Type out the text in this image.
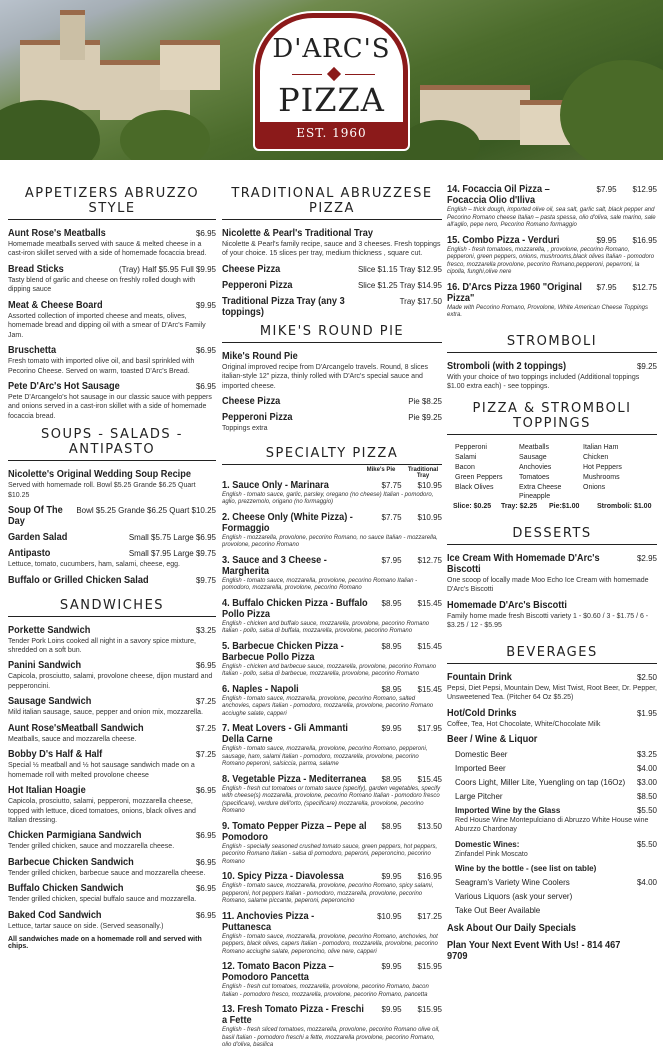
D'ARC'S
PIZZA
EST. 1960
APPETIZERS ABRUZZO STYLE
Aunt Rose's Meatballs	$6.95
Homemade meatballs served with sauce & melted cheese in a cast-iron skillet served with a side of homemade focaccia bread.
Bread Sticks	(Tray) Half $5.95 Full $9.95
Tasty blend of garlic and cheese on freshly rolled dough with dipping sauce
Meat & Cheese Board	$9.95
Assorted collection of imported cheese and meats, olives, homemade bread and dipping oil with a smear of D'Arc's Family Jam.
Bruschetta	$6.95
Fresh tomato with imported olive oil, and basil sprinkled with Pecorino Cheese. Served on warm, toasted D'Arc's Bread.
Pete D'Arc's Hot Sausage	$6.95
Pete D'Arcangelo's hot sausage in our classic sauce with peppers and onions served in a cast-iron skillet with a side of homemade focaccia bread.
SOUPS - SALADS - ANTIPASTO
Nicolette's Original Wedding Soup Recipe
Served with homemade roll. Bowl $5.25 Grande $6.25 Quart $10.25
Soup Of The Day
Bowl $5.25 Grande $6.25 Quart $10.25
Garden Salad	Small $5.75 Large $6.95
Antipasto	Small $7.95 Large $9.75
Lettuce, tomato, cucumbers, ham, salami, cheese, egg.
Buffalo or Grilled Chicken Salad	$9.75
SANDWICHES
Porkette Sandwich	$3.25
Tender Pork Loins cooked all night in a savory spice mixture, shredded on a soft bun.
Panini Sandwich	$6.95
Capicola, prosciutto, salami, provolone cheese, dijon mustard and pepperoncini.
Sausage Sandwich	$7.25
Mild italian sausage, sauce, pepper and onion mix, mozzarella.
Aunt Rose'sMeatball Sandwich	$7.25
Meatballs, sauce and mozzarella cheese.
Bobby D's Half & Half	$7.25
Special ½ meatball and ½ hot sausage sandwich made on a homemade roll with melted provolone cheese
Hot Italian Hoagie	$6.95
Capicola, prosciutto, salami, pepperoni, mozzarella cheese, topped with lettuce, diced tomatoes, onions, black olives and Italian dressing.
Chicken Parmigiana Sandwich	$6.95
Tender grilled chicken, sauce and mozzarella cheese.
Barbecue Chicken Sandwich	$6.95
Tender grilled chicken, barbecue sauce and mozzarella cheese.
Buffalo Chicken Sandwich	$6.95
Tender grilled chicken, special buffalo sauce and mozzarella.
Baked Cod Sandwich	$6.95
Lettuce, tartar sauce on side. (Served seasonally.)
All sandwiches made on a homemade roll and served with chips.
TRADITIONAL ABRUZZESE PIZZA
Nicolette & Pearl's Traditional Tray
Nicolette & Pearl's family recipe, sauce and 3 cheeses. Fresh toppings of your choice. 15 slices per tray, medium thickness , square cut.
Cheese Pizza	Slice $1.15 Tray $12.95
Pepperoni Pizza	Slice $1.25 Tray $14.95
Traditional Pizza Tray (any 3 toppings)
Tray $17.50
MIKE'S ROUND PIE
Mike's Round Pie
Original improved recipe from D'Arcangelo travels. Round, 8 slices italian-style 12" pizza, thinly rolled with D'Arc's special sauce and imported cheese.
Cheese Pizza	Pie $8.25
Pepperoni Pizza	Pie $9.25
Toppings extra
SPECIALTY PIZZA
Mike's Pie	Traditional Tray
1. Sauce Only - Marinara	$7.75 $10.95
English - tomato sauce, garlic, parsley, oregano (no cheese) Italian - pomodoro, aglio, prezzemolo, origano (no formaggio)
2. Cheese Only (White Pizza) - Formaggio
$7.75 $10.95
English - mozzarella, provolone, pecorino Romano, no sauce Italian - mozzarella, provolone, pecorino Romano
3. Sauce and 3 Cheese - Margherita
$7.95 $12.75
English - tomato sauce, mozzarella, provolone, pecorino Romano Italian - pomodoro, mozzarella, provolone, pecorino Romano
4. Buffalo Chicken Pizza - Buffalo Pollo Pizza
$8.95 $15.45
English - chicken and buffalo sauce, mozzarella, provolone, pecorino Romano Italian - pollo, salsa di buffala, mozzarella, provolone, pecorino Romano
5. Barbecue Chicken Pizza - Barbecue Pollo Pizza
$8.95 $15.45
English - chicken and barbecue sauce, mozzarella, provolone, pecorino Romano Italian - pollo, salsa di barbecue, mozzarella, provolone, pecorino Romano
6. Naples - Napoli	$8.95 $15.45
English - tomato sauce, mozzarella, provolone, pecorino Romano, salted anchovies, capers Italian - pomodoro, mozzarella, provolone, pecorino Romano acciughe salate, capperi
7. Meat Lovers - Gli Ammanti Della Carne
$9.95 $17.95
English - tomato sauce, mozzarella, provolone, pecorino Romano, pepperoni, sausage, ham, salami Italian - pomodoro, mozzarella, provolone, pecorino Romano peperoni, salsiccia, parma, salame
8. Vegetable Pizza - Mediterranea $8.95 $15.45
English - fresh cut tomatoes or tomato sauce (specify), garden vegetables, specify with cheese(s) mozzarella, provolone, pecorino Romano Italian - pomodoro fresco (specificare), verdure dell'orto, (specificare) mozzarella, provolone, pecorino Romano
9. Tomato Pepper Pizza – Pepe al Pomodoro
$8.95 $13.50
English - specially seasoned crushed tomato sauce, green peppers, hot peppers, pecorino Romano Italian - salsa di pomodoro, peperoni, peperoncino, pecorino Romano
10. Spicy Pizza - Diavolessa	$9.95 $16.95
English - tomato sauce, mozzarella, provolone, pecorino Romano, spicy salami, pepperoni, hot peppers Italian - pomodoro, mozzarella, provolone, pecorino Romano, salame piccante, peperoni, peperoncino
11. Anchovies Pizza - Puttanesca
$10.95 $17.25
English - tomato sauce, mozzarella, provolone, pecorino Romano, anchovies, hot peppers, black olives, capers Italian - pomodoro, mozzarella, provolone, pecorino Romano acciughe salate, peperoncino, olive nere, capperi
12. Tomato Bacon Pizza – Pomodoro Pancetta
$9.95 $15.95
English - fresh cut tomatoes, mozzarella, provolone, pecorino Romano, bacon Italian - pomodoro fresco, mozzarella, provolone, pecorino Romano, pancetta
13. Fresh Tomato Pizza - Freschi a Fette
$9.95 $15.95
English - fresh sliced tomatoes, mozzarella, provolone, pecorino Romano olive oil, basil Italian - pomodoro freschi a fette, mozzarella provolone, pecorino Romano, olio d'oliva, basilica
14. Focaccia Oil Pizza – Focaccia Olio d'Iliva
$7.95 $12.95
English – thick dough, imported olive oil, sea salt, garlic salt, black pepper and Pecorino Romano cheese Italian – pasta spessa, olio d'oliva, sale marino, sale all'aglio, pepe nero, Pecorino Romano formaggio
15. Combo Pizza - Verduri	$9.95 $16.95
English - fresh tomatoes, mozzarella, , provolone, pecorino Romano, pepperoni, green peppers, onions, mushrooms,black olives Italian - pomodoro fresco, mozzarella provolone, pecorino Romano,pepperoni, peperroni, la cipolla, funghi,olive nere
16. D'Arcs Pizza 1960 "Original Pizza"
$7.95 $12.75
Made with Pecorino Romano, Provolone, White American Cheese Toppings extra.
STROMBOLI
Stromboli (with 2 toppings)	$9.25
With your choice of two toppings included (Additional toppings $1.00 extra each) - see toppings.
PIZZA & STROMBOLI TOPPINGS
Pepperoni	Meatballs	Italian Ham
Salami	Sausage	Chicken
Bacon	Anchovies	Hot Peppers
Green Peppers	Tomatoes	Mushrooms
Black Olives	Extra Cheese	Onions
Pineapple
Slice: $0.25	Tray: $2.25	Pie:$1.00	Stromboli: $1.00
DESSERTS
Ice Cream With Homemade D'Arc's Biscotti
$2.95
One scoop of locally made Moo Echo Ice Cream with homemade D'Arc's Biscotti
Homemade D'Arc's Biscotti
Family home made fresh Biscotti variety 1 - $0.60 / 3 - $1.75 / 6 - $3.25 / 12 - $5.95
BEVERAGES
Fountain Drink	$2.50
Pepsi, Diet Pepsi, Mountain Dew, Mist Twist, Root Beer, Dr. Pepper, Unsweetened Tea. (Pitcher 64 Oz $5.25)
Hot/Cold Drinks	$1.95
Coffee, Tea, Hot Chocolate, White/Chocolate Milk
Beer / Wine & Liquor
Domestic Beer	$3.25
Imported Beer	$4.00
Coors Light, Miller Lite, Yuengling on tap (16Oz) $3.00
Large Pitcher	$8.50
Imported Wine by the Glass	$5.50
Red House Wine Montepulciano di Abruzzo White House wine Aburzzo Chardonay
Domestic Wines:	$5.50
Zinfandel Pink Moscato
Wine by the bottle - (see list on table)
Seagram's Variety Wine Coolers	$4.00
Various Liquors (ask your server)
Take Out Beer Available
Ask About Our Daily Specials
Plan Your Next Event With Us! - 814 467 9709
